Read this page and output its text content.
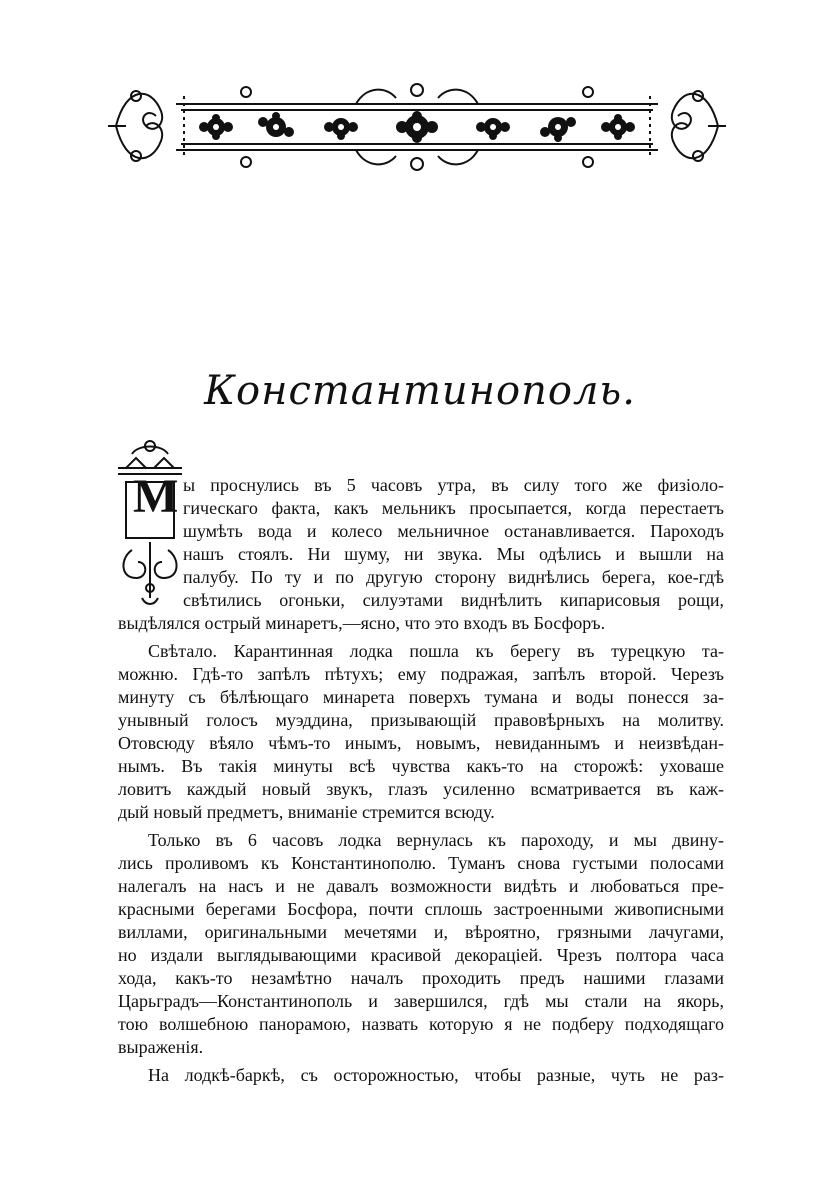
Константинополь.
М ы проснулись въ 5 часовъ утра, въ силу того же физioло-
гическаго факта, какъ мельникъ просыпается, когда перестаетъ
шумѣть вода и колесо мельничное останавливается. Пароходъ
нашъ стоялъ. Ни шуму, ни звука. Мы одѣлись и вышли на
палубу. По ту и по другую сторону виднѣлись берега, кое-гдѣ
свѣтились огоньки, силуэтами виднѣлить кипарисовыя рощи,
выдѣлялся острый минаретъ,—ясно, что это входъ въ Босфоръ.
Свѣтало. Карантинная лодка пошла къ берегу въ турецкую та-
можню. Гдѣ-то запѣлъ пѣтухъ; ему подражая, запѣлъ второй. Черезъ
минуту съ бѣлѣющаго минарета поверхъ тумана и воды понесся за-
унывный голосъ муэддина, призывающiй правовѣрныхъ на молитву.
Отовсюду вѣяло чѣмъ-то инымъ, новымъ, невиданнымъ и неизвѣдан-
нымъ. Въ такiя минуты всѣ чувства какъ-то на сторожѣ: уховаше
ловитъ каждый новый звукъ, глазъ усиленно всматривается въ каж-
дый новый предметъ, вниманiе стремится всюду.
Только въ 6 часовъ лодка вернулась къ пароходу, и мы двину-
лись проливомъ къ Константинополю. Туманъ снова густыми полосами
налегалъ на насъ и не давалъ возможности видѣть и любоваться пре-
красными берегами Босфора, почти сплошь застроенными живописными
виллами, оригинальными мечетями и, вѣроятно, грязными лачугами,
но издали выглядывающими красивой декорацiей. Чрезъ полтора часа
хода, какъ-то незамѣтно началъ проходить предъ нашими глазами
Царьградъ—Константинополь и завершился, гдѣ мы стали на якорь,
тою волшебною панорамою, назвать которую я не подберу подходящаго
выраженiя.
На лодкѣ-баркѣ, съ осторожностью, чтобы разные, чуть не раз-
